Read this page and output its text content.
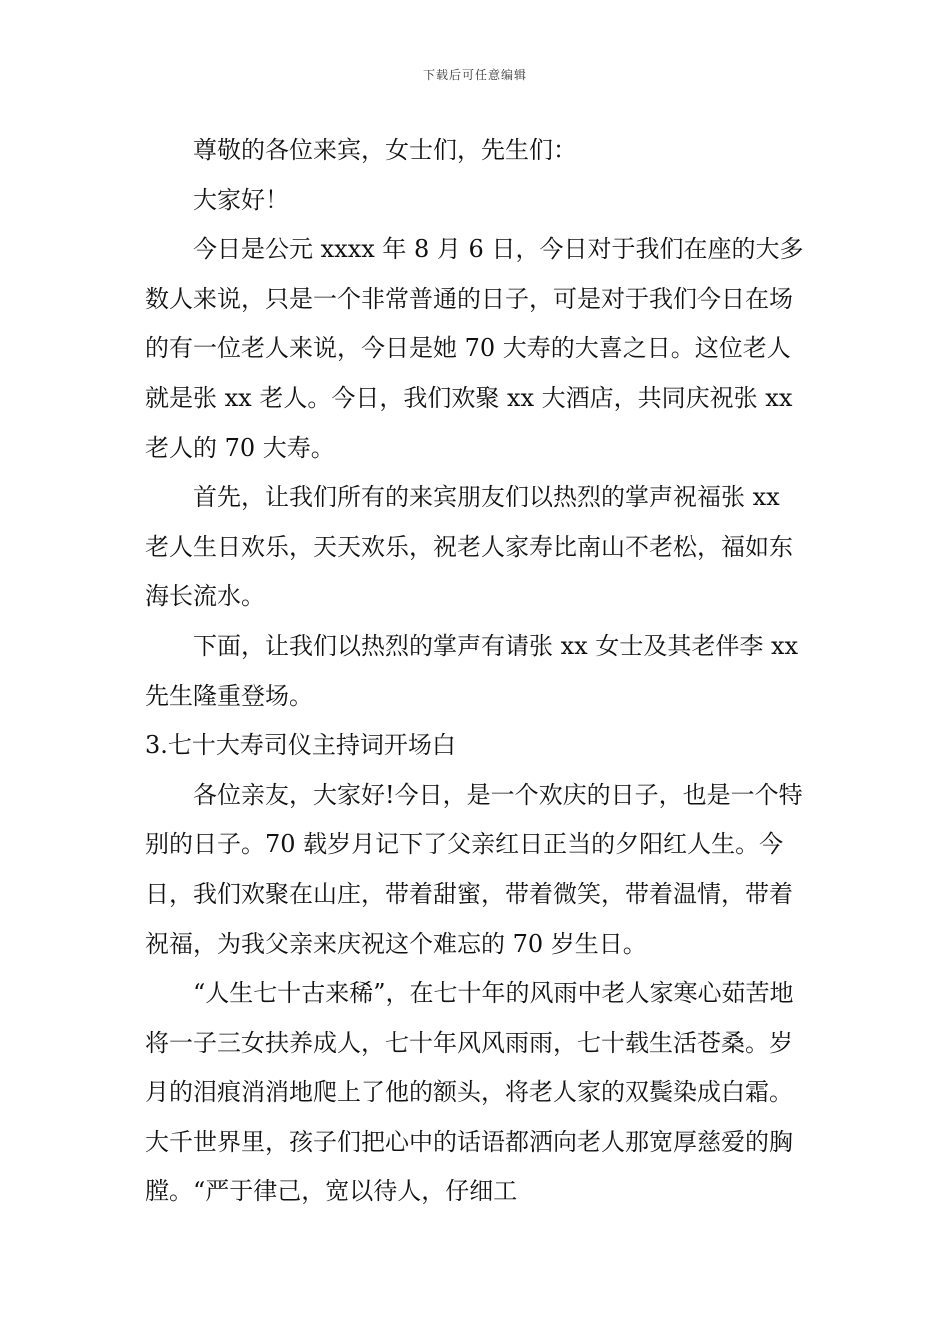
下载后可任意编辑

尊敬的各位来宾，女士们，先生们：

大家好！

今日是公元 xxxx 年 8 月 6 日，今日对于我们在座的大多数人来说，只是一个非常普通的日子，可是对于我们今日在场的有一位老人来说，今日是她 70 大寿的大喜之日。这位老人就是张 xx 老人。今日，我们欢聚 xx 大酒店，共同庆祝张 xx 老人的 70 大寿。

首先，让我们所有的来宾朋友们以热烈的掌声祝福张 xx 老人生日欢乐，天天欢乐，祝老人家寿比南山不老松，福如东海长流水。

下面，让我们以热烈的掌声有请张 xx 女士及其老伴李 xx 先生隆重登场。

3.七十大寿司仪主持词开场白

各位亲友，大家好!今日，是一个欢庆的日子，也是一个特别的日子。70 载岁月记下了父亲红日正当的夕阳红人生。今日，我们欢聚在山庄，带着甜蜜，带着微笑，带着温情，带着祝福，为我父亲来庆祝这个难忘的 70 岁生日。

“人生七十古来稀”，在七十年的风雨中老人家寒心茹苦地将一子三女扶养成人，七十年风风雨雨，七十载生活苍桑。岁月的泪痕消消地爬上了他的额头，将老人家的双鬓染成白霜。大千世界里，孩子们把心中的话语都洒向老人那宽厚慈爱的胸膛。“严于律己，宽以待人，仔细工
